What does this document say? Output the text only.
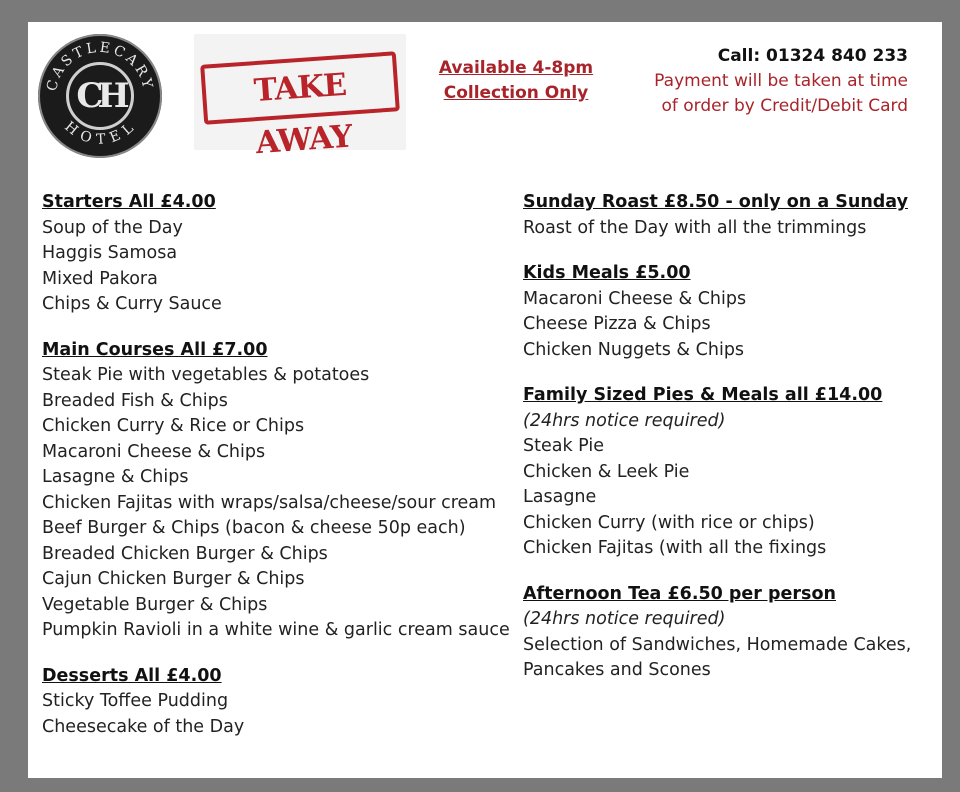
CASTLECARY
HOTEL
CH	TAKE AWAY
Available 4-8pm
Collection Only
Call: 01324 840 233
Payment will be taken at time
of order by Credit/Debit Card
Starters All £4.00
Soup of the Day
Haggis Samosa
Mixed Pakora
Chips & Curry Sauce
Main Courses All £7.00
Steak Pie with vegetables & potatoes
Breaded Fish & Chips
Chicken Curry & Rice or Chips
Macaroni Cheese & Chips
Lasagne & Chips
Chicken Fajitas with wraps/salsa/cheese/sour cream
Beef Burger & Chips (bacon & cheese 50p each)
Breaded Chicken Burger & Chips
Cajun Chicken Burger & Chips
Vegetable Burger & Chips
Pumpkin Ravioli in a white wine & garlic cream sauce
Desserts All £4.00
Sticky Toffee Pudding
Cheesecake of the Day
Sunday Roast £8.50 - only on a Sunday
Roast of the Day with all the trimmings
Kids Meals £5.00
Macaroni Cheese & Chips
Cheese Pizza & Chips
Chicken Nuggets & Chips
Family Sized Pies & Meals all £14.00
(24hrs notice required)
Steak Pie
Chicken & Leek Pie
Lasagne
Chicken Curry (with rice or chips)
Chicken Fajitas (with all the fixings
Afternoon Tea £6.50 per person
(24hrs notice required)
Selection of Sandwiches, Homemade Cakes,
Pancakes and Scones
